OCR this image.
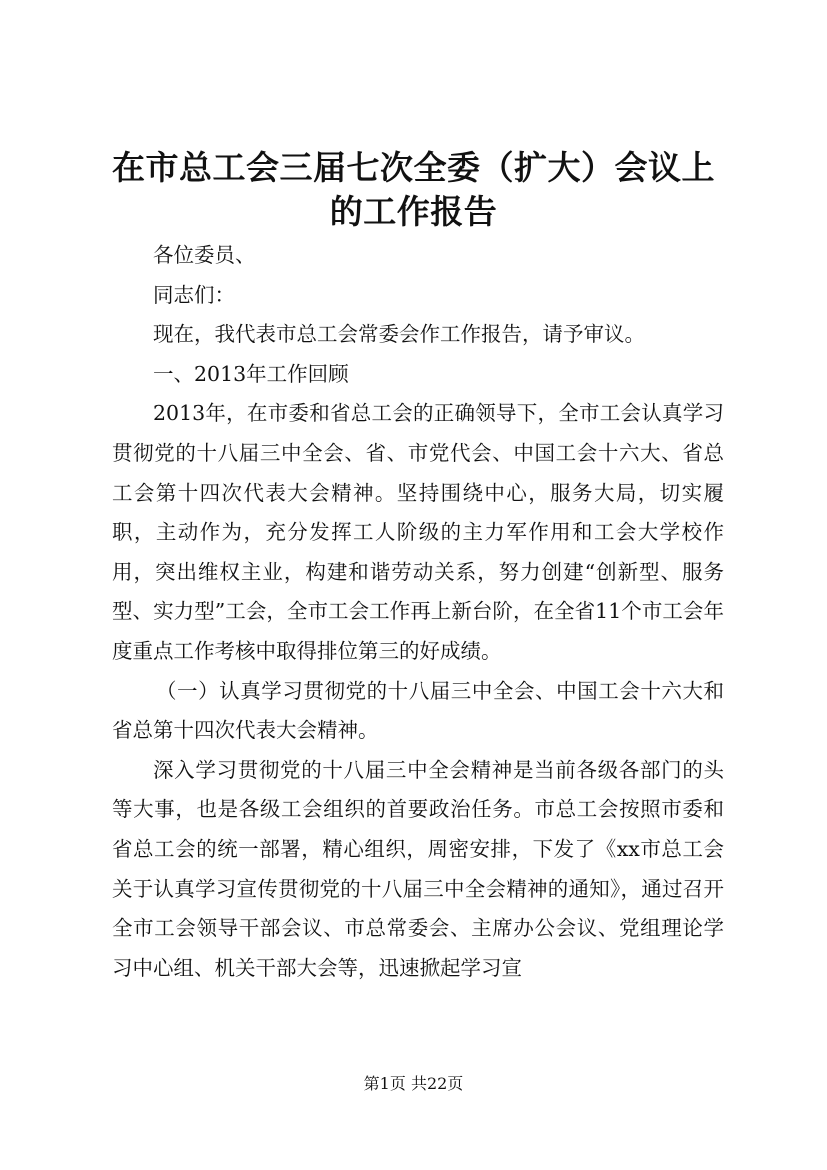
在市总工会三届七次全委（扩大）会议上的工作报告

各位委员、

同志们：

现在，我代表市总工会常委会作工作报告，请予审议。

一、2013年工作回顾

2013年，在市委和省总工会的正确领导下，全市工会认真学习贯彻党的十八届三中全会、省、市党代会、中国工会十六大、省总工会第十四次代表大会精神。坚持围绕中心，服务大局，切实履职，主动作为，充分发挥工人阶级的主力军作用和工会大学校作用，突出维权主业，构建和谐劳动关系，努力创建“创新型、服务型、实力型”工会，全市工会工作再上新台阶，在全省11个市工会年度重点工作考核中取得排位第三的好成绩。

（一）认真学习贯彻党的十八届三中全会、中国工会十六大和省总第十四次代表大会精神。

深入学习贯彻党的十八届三中全会精神是当前各级各部门的头等大事，也是各级工会组织的首要政治任务。市总工会按照市委和省总工会的统一部署，精心组织，周密安排，下发了《xx市总工会关于认真学习宣传贯彻党的十八届三中全会精神的通知》，通过召开全市工会领导干部会议、市总常委会、主席办公会议、党组理论学习中心组、机关干部大会等，迅速掀起学习宣

第1页 共22页
